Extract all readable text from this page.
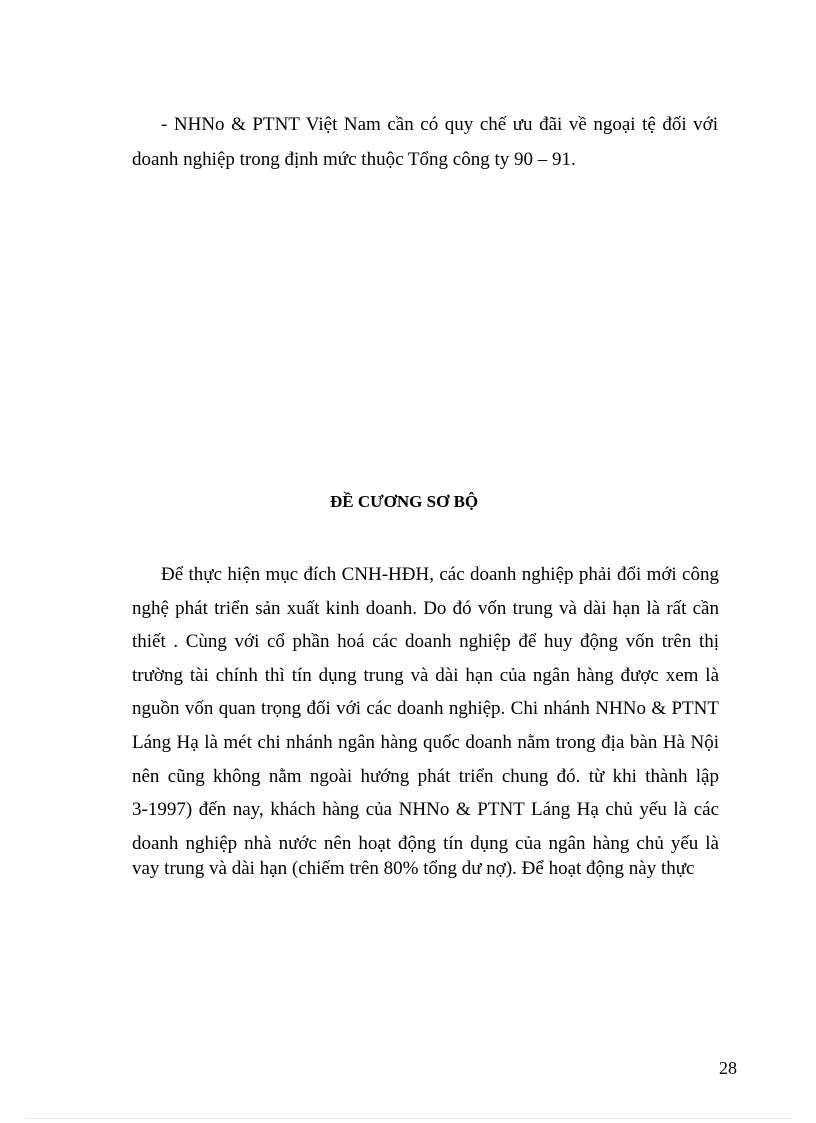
- NHNo & PTNT Việt Nam cần có quy chế ưu đãi về ngoại tệ đối với
doanh nghiệp trong định mức thuộc Tổng công ty 90 – 91.
ĐỀ CƯƠNG SƠ BỘ
Để thực hiện mục đích CNH-HĐH, các doanh nghiệp phải đổi mới công
nghệ phát triển sản xuất kinh doanh. Do đó vốn trung và dài hạn là rất cần
thiết . Cùng với cổ phần hoá các doanh nghiệp để huy động vốn trên thị
trường tài chính thì tín dụng trung và dài hạn của ngân hàng được xem là
nguồn vốn quan trọng đối với các doanh nghiệp. Chi nhánh NHNo & PTNT
Láng Hạ là mét chi nhánh ngân hàng quốc doanh nằm trong địa bàn Hà Nội
nên cũng không nằm ngoài hướng phát triển chung đó. từ khi thành lập
3-1997) đến nay, khách hàng của NHNo & PTNT Láng Hạ chủ yếu là các
doanh nghiệp nhà nước nên hoạt động tín dụng của ngân hàng chủ yếu là
vay trung và dài hạn (chiếm trên 80% tổng dư nợ). Để hoạt động này thực
28
